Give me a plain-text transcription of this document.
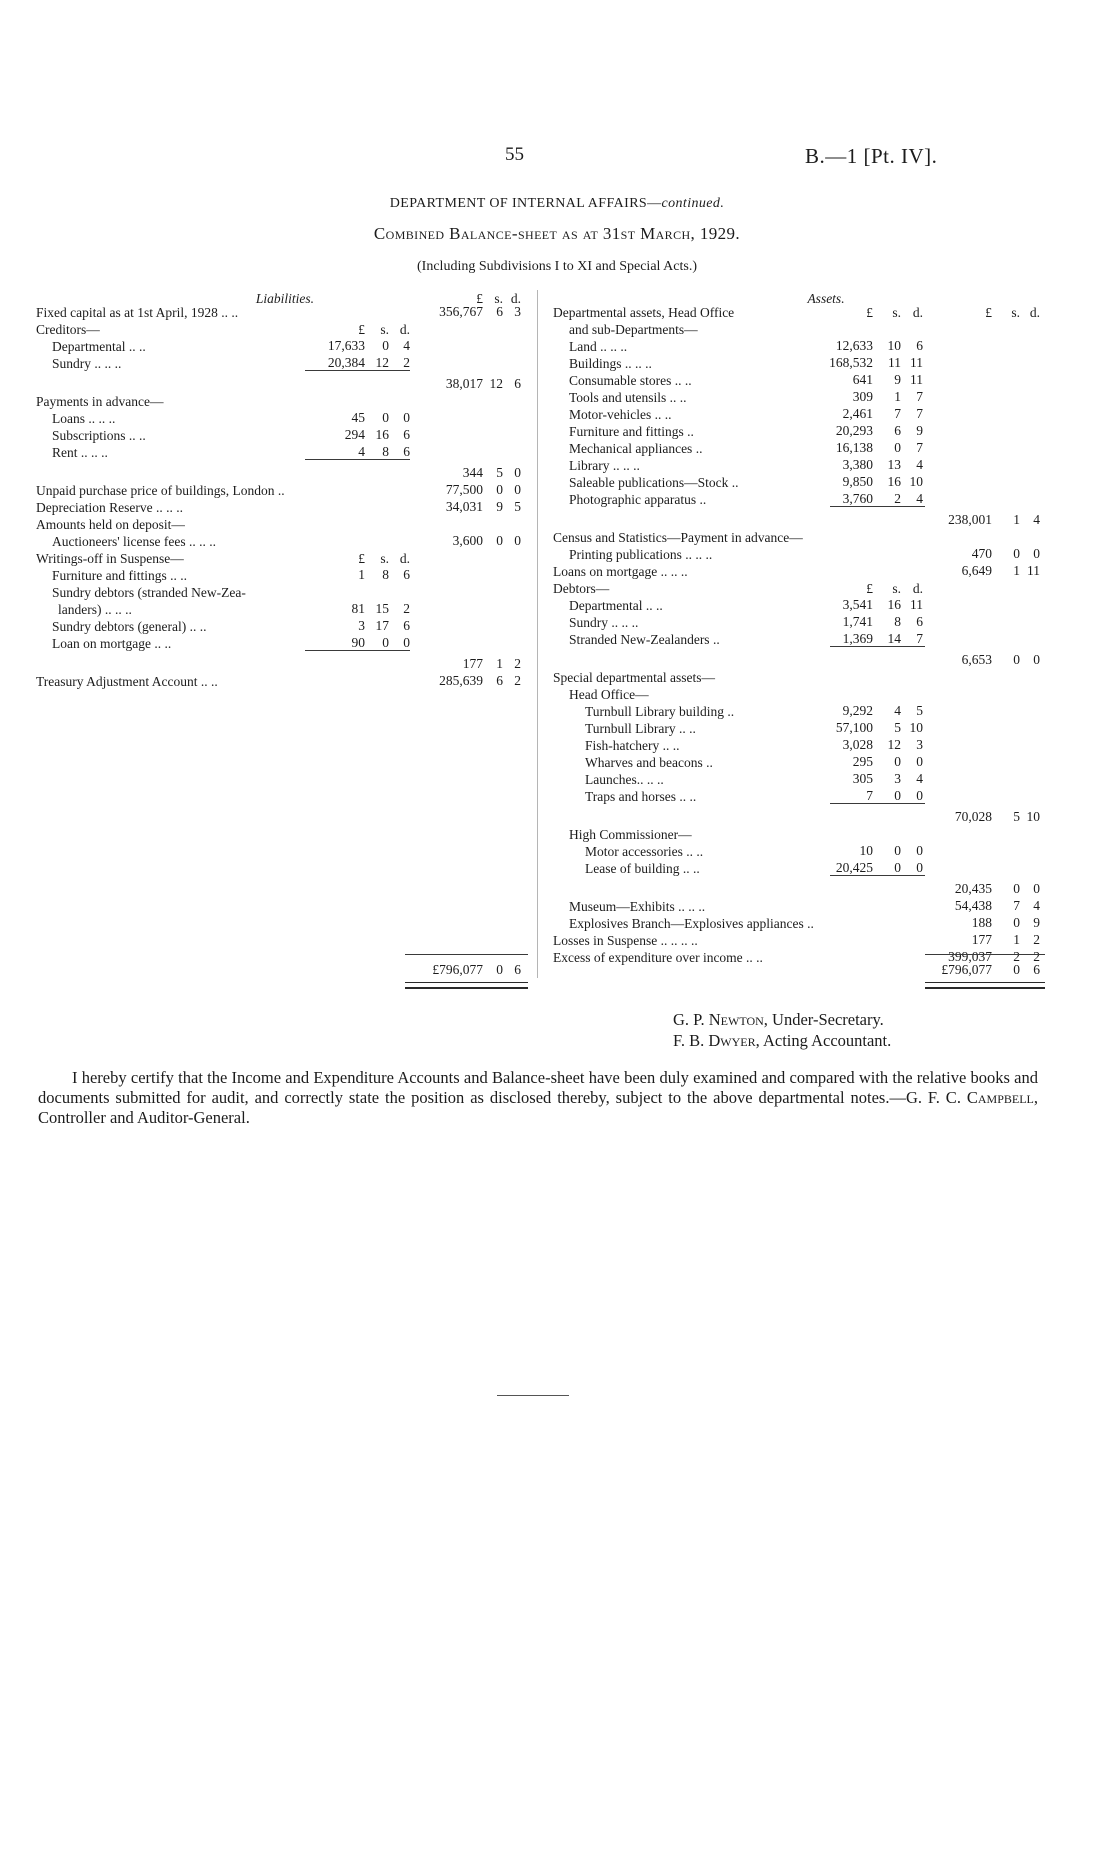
55	B.—1 [Pt. IV].
DEPARTMENT OF INTERNAL AFFAIRS—continued.
Combined Balance-sheet as at 31st March, 1929.
(Including Subdivisions I to XI and Special Acts.)
Liabilities.	£ s. d.
Fixed capital as at 1st April, 1928 .. ..	356,767 6 3
Creditors—	£	s. d.
Departmental .. ..	17,633	0	4
Sundry .. .. ..	20,384 12	2
38,017 12 6
Payments in advance—
Loans .. .. ..	45	0	0
Subscriptions .. ..	294 16	6
Rent .. .. ..	4	8	6
344 5 0
Unpaid purchase price of buildings, London ..	77,500 0 0
Depreciation Reserve .. .. ..	34,031 9 5
Amounts held on deposit—
Auctioneers' license fees .. .. ..	3,600 0 0
Writings-off in Suspense—	£	s. d.
Furniture and fittings .. ..	1	8	6
Sundry debtors (stranded New-Zea-
landers) .. .. ..	81 15	2
Sundry debtors (general) .. ..	3 17	6
Loan on mortgage .. ..	90	0	0
177 1 2
Treasury Adjustment Account .. ..	285,639 6 2
Assets.
Departmental assets, Head Office	£	s. d.	£	s. d.
and sub-Departments—
Land .. .. ..	12,633	10	6
Buildings .. .. ..	168,532	11 11
Consumable stores .. ..	641	9 11
Tools and utensils .. ..	309	1	7
Motor-vehicles .. ..	2,461	7	7
Furniture and fittings ..	20,293	6	9
Mechanical appliances ..	16,138	0	7
Library .. .. ..	3,380	13	4
Saleable publications—Stock ..	9,850	16 10
Photographic apparatus ..	3,760	2	4
238,001	1 4
Census and Statistics—Payment in advance—
Printing publications .. .. ..	470	0 0
Loans on mortgage .. .. ..	6,649	1 11
Debtors—	£	s. d.
Departmental .. ..	3,541	16 11
Sundry .. .. ..	1,741	8	6
Stranded New-Zealanders ..	1,369	14	7
6,653	0 0
Special departmental assets—
Head Office—
Turnbull Library building ..	9,292	4	5
Turnbull Library .. ..	57,100	5 10
Fish-hatchery .. ..	3,028	12	3
Wharves and beacons ..	295	0	0
Launches.. .. ..	305	3	4
Traps and horses .. ..	7	0	0
70,028	5 10
High Commissioner—
Motor accessories .. ..	10	0	0
Lease of building .. ..	20,425	0	0
20,435	0 0
Museum—Exhibits .. .. ..	54,438	7 4
Explosives Branch—Explosives appliances ..	188	0 9
Losses in Suspense .. .. .. ..	177	1 2
Excess of expenditure over income .. ..	399,037	2 2
£796,077 0 6	£796,077	0 6
G. P. Newton, Under-Secretary.
F. B. Dwyer, Acting Accountant.
I hereby certify that the Income and Expenditure Accounts and Balance-sheet have been duly examined and compared with the relative books and documents submitted for audit, and correctly state the position as disclosed thereby, subject to the above departmental notes.—G. F. C. Campbell, Controller and Auditor-General.
